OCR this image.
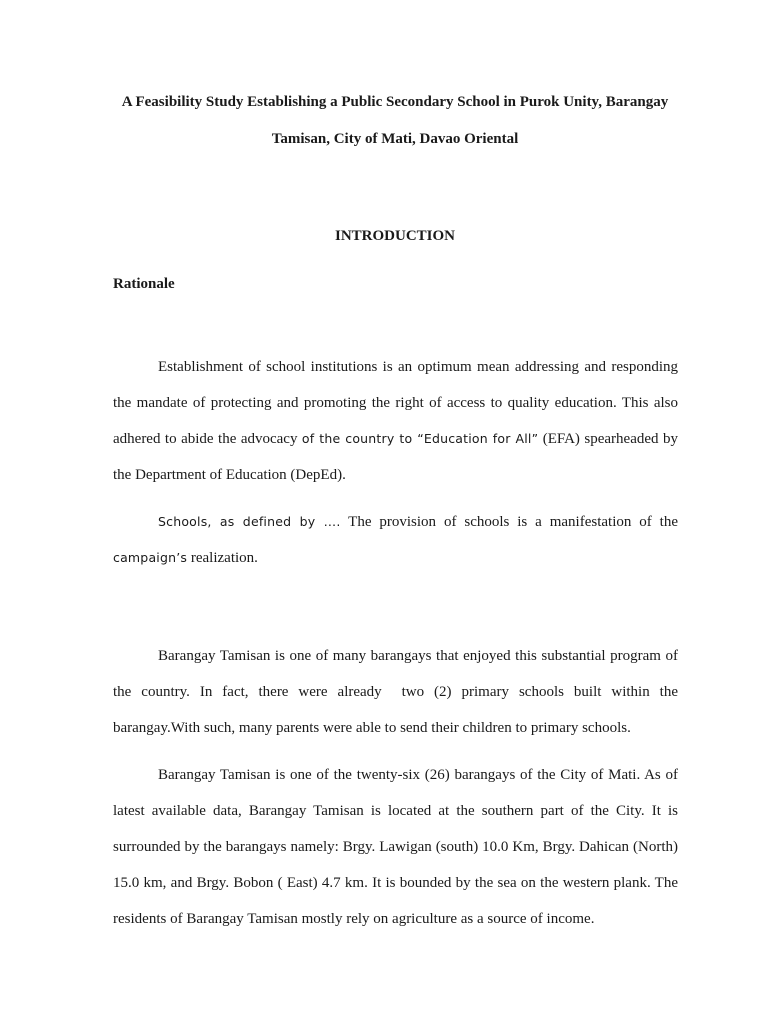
A Feasibility Study Establishing a Public Secondary School in Purok Unity, Barangay

Tamisan, City of Mati, Davao Oriental

INTRODUCTION
Rationale

Establishment of school institutions is an optimum mean addressing and responding the mandate of protecting and promoting the right of access to quality education. This also adhered to abide the advocacy of the country to “Education for All” (EFA) spearheaded by the Department of Education (DepEd).

Schools, as defined by …. The provision of schools is a manifestation of the campaign’s realization.

Barangay Tamisan is one of many barangays that enjoyed this substantial program of the country. In fact, there were already  two (2) primary schools built within the barangay.With such, many parents were able to send their children to primary schools.

Barangay Tamisan is one of the twenty-six (26) barangays of the City of Mati. As of latest available data, Barangay Tamisan is located at the southern part of the City. It is surrounded by the barangays namely: Brgy. Lawigan (south) 10.0 Km, Brgy. Dahican (North) 15.0 km, and Brgy. Bobon ( East) 4.7 km. It is bounded by the sea on the western plank. The residents of Barangay Tamisan mostly rely on agriculture as a source of income.
